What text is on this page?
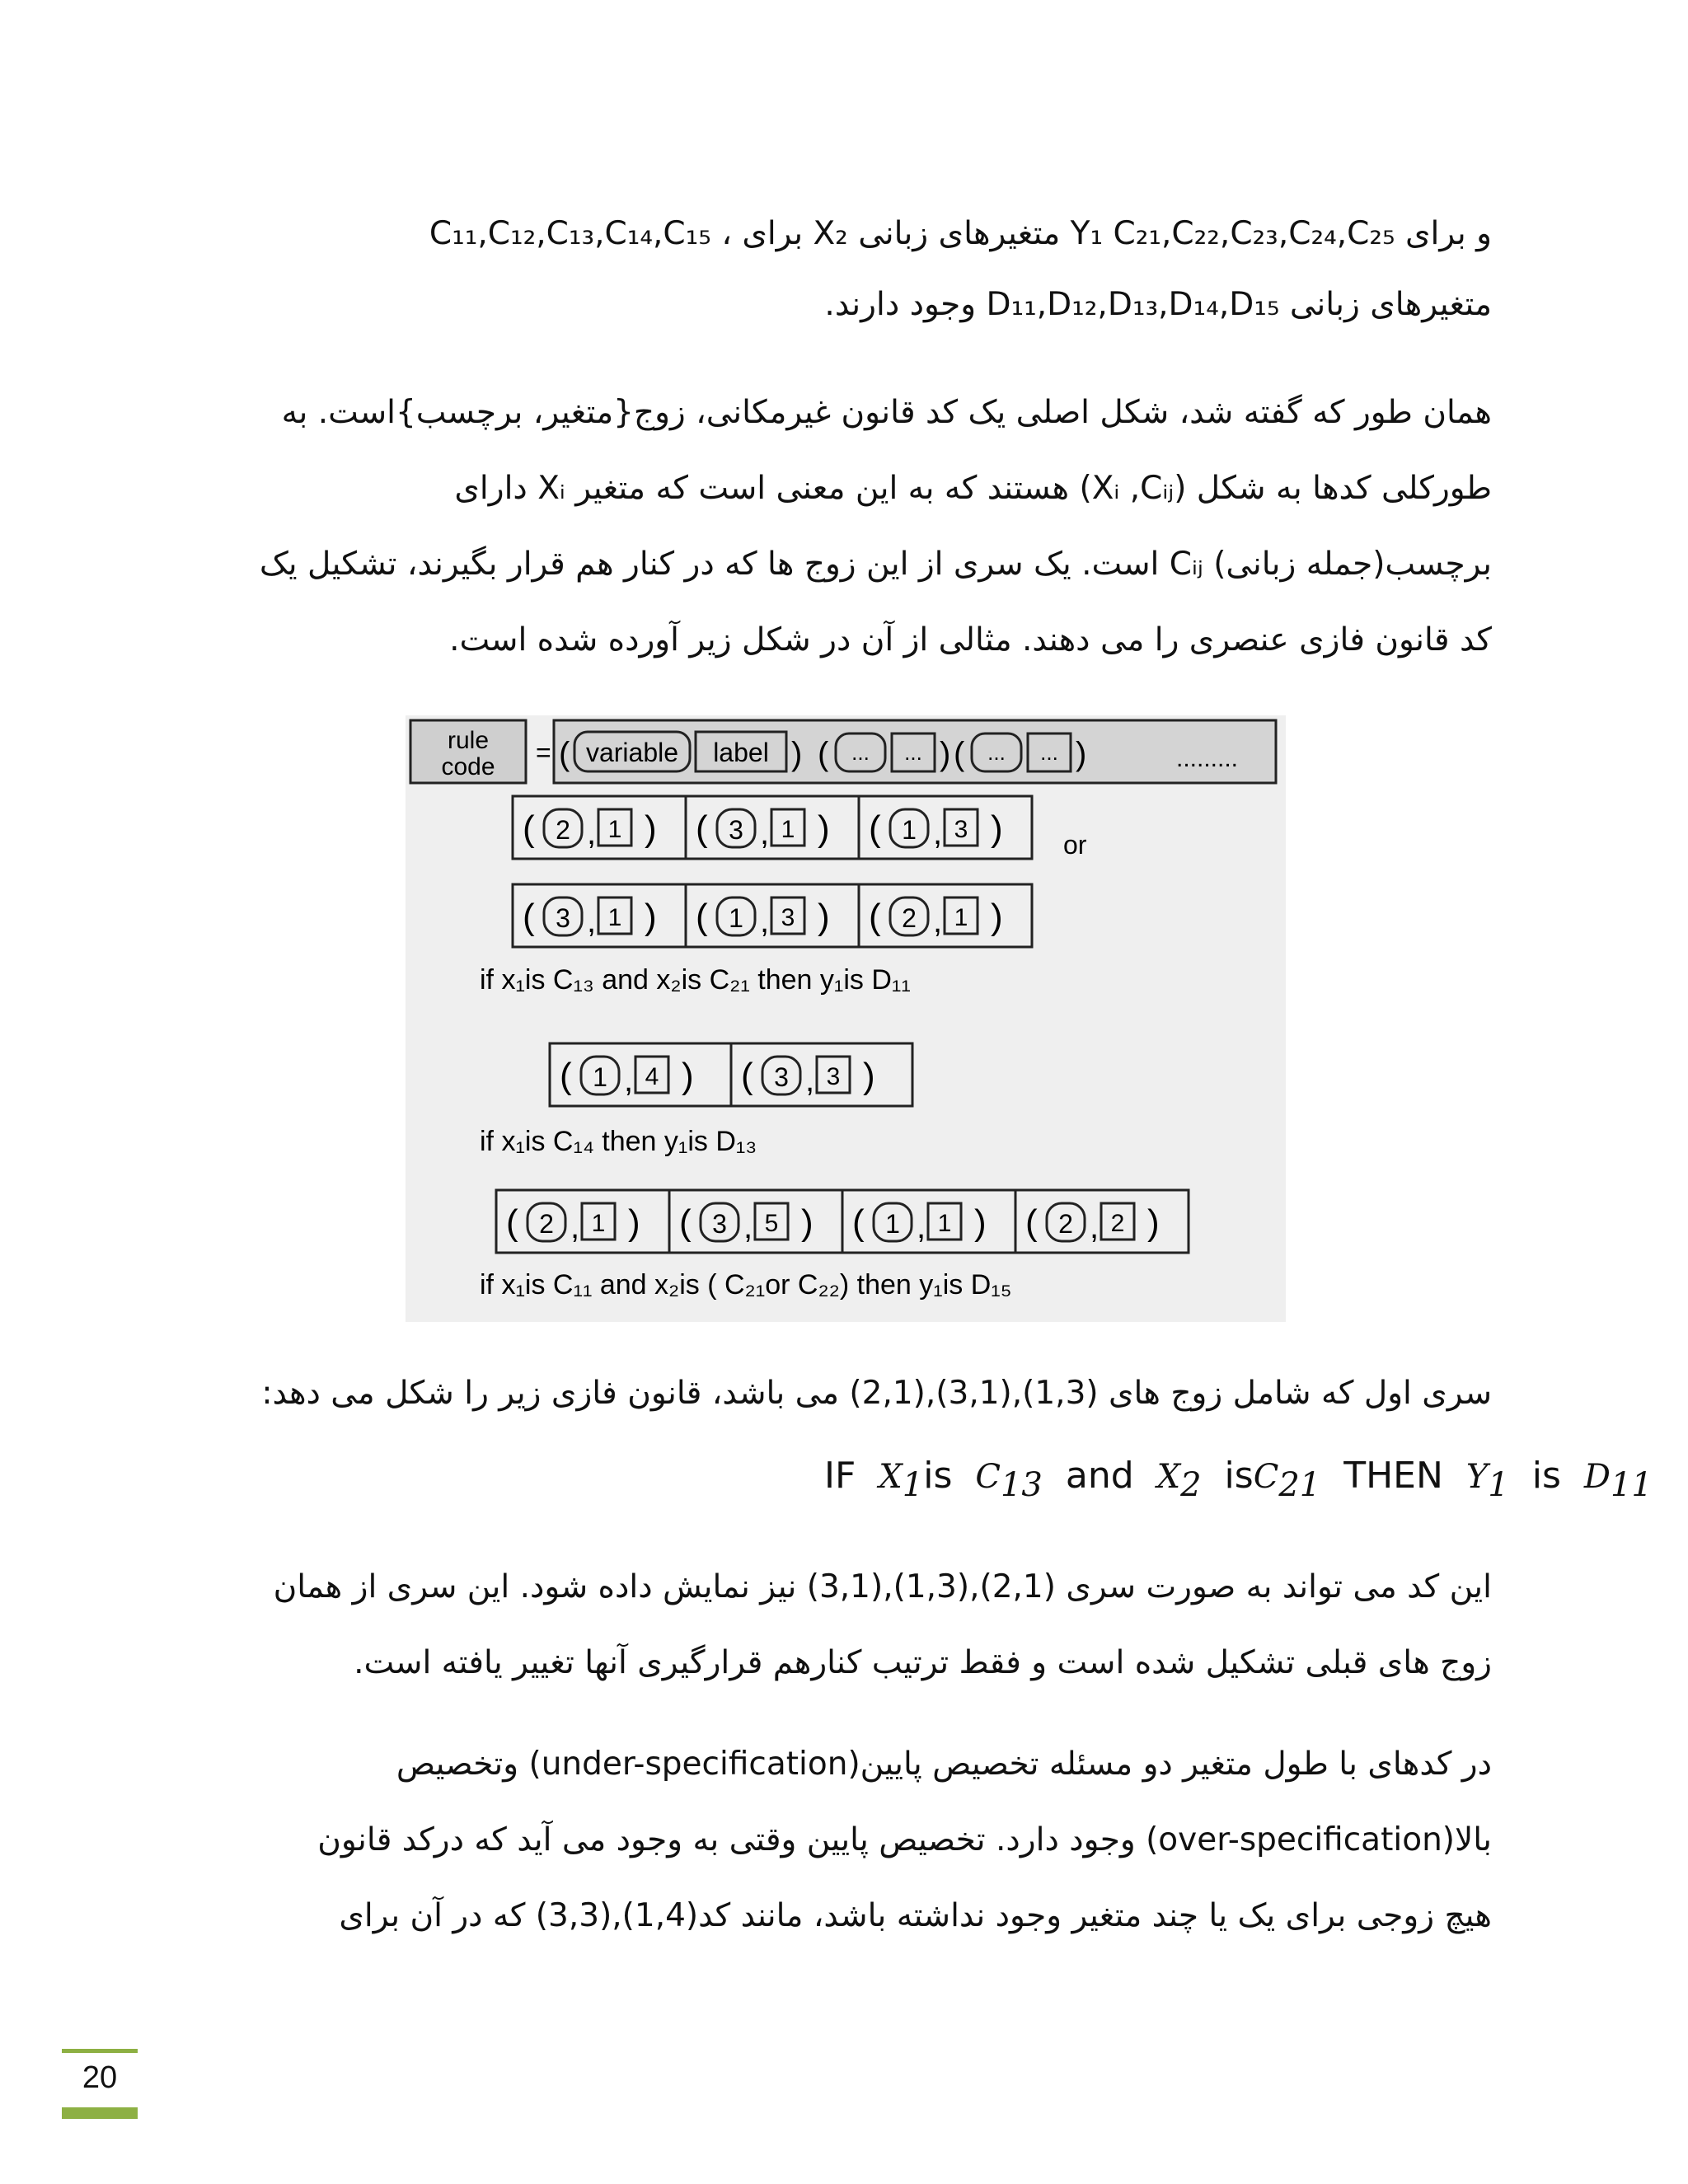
و برای Y₁ C₂₁,C₂₂,C₂₃,C₂₄,C₂₅ متغیرهای زبانی X₂ برای ، C₁₁,C₁₂,C₁₃,C₁₄,C₁₅
متغیرهای زبانی D₁₁,D₁₂,D₁₃,D₁₄,D₁₅ وجود دارند.
همان طور که گفته شد، شکل اصلی یک کد قانون غیرمکانی، زوج{متغیر، برچسب}است. به
طورکلی کدها به شکل (Xᵢ ,Cᵢⱼ) هستند که به این معنی است که متغیر Xᵢ دارای
برچسب(جمله زبانی) Cᵢⱼ است. یک سری از این زوج ها که در کنار هم قرار بگیرند، تشکیل یک
کد قانون فازی عنصری را می دهند. مثالی از آن در شکل زیر آورده شده است.
rule
code = ( variable label ) ( ... ... ) ( ... ... )	.........
( 2 , 1 ) ( 3 , 1 ) ( 1 , 3 ) or
( 3 , 1 ) ( 1 , 3 ) ( 2 , 1 )
if x₁is C₁₃ and x₂is C₂₁ then y₁is D₁₁
( 1 , 4 ) ( 3 , 3 )
if x₁is C₁₄ then y₁is D₁₃
( 2 , 1 ) ( 3 , 5 ) ( 1 , 1 ) ( 2 , 2 )
if x₁is C₁₁ and x₂is ( C₂₁or C₂₂) then y₁is D₁₅
سری اول که شامل زوج های (1,3),(3,1),(2,1) می باشد، قانون فازی زیر را شکل می دهد:
IF $X_1is$ $C_{13}$ and $X_2$ isC$_{21}$ THEN $Y_1$ is $D_{11}$
این کد می تواند به صورت سری (2,1),(1,3),(3,1) نیز نمایش داده شود. این سری از همان
زوج های قبلی تشکیل شده است و فقط ترتیب کنارهم قرارگیری آنها تغییر یافته است.
در کدهای با طول متغیر دو مسئله تخصیص پایین(under-specification) وتخصیص
بالا(over-specification) وجود دارد. تخصیص پایین وقتی به وجود می آید که درکد قانون
هیچ زوجی برای یک یا چند متغیر وجود نداشته باشد، مانند کد(1,4),(3,3) که در آن برای
20
